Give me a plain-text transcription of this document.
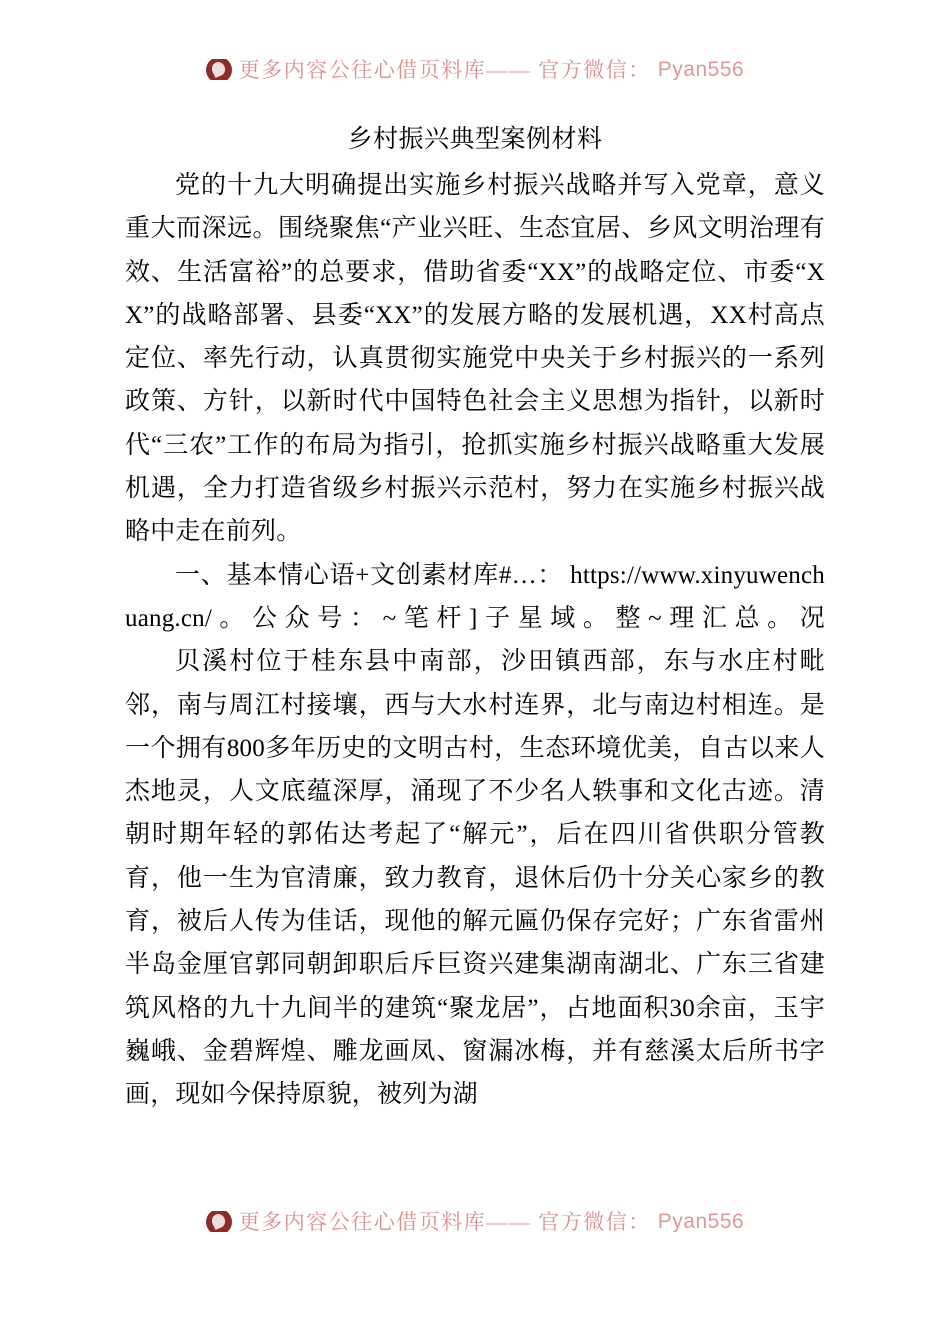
更多内容公往心借页料库—— 官方微信： Pyan556
乡村振兴典型案例材料

党的十九大明确提出实施乡村振兴战略并写入党章，意义重大而深远。围绕聚焦“产业兴旺、生态宜居、乡风文明治理有效、生活富裕”的总要求，借助省委“XX”的战略定位、市委“XX”的战略部署、县委“XX”的发展方略的发展机遇，XX村高点定位、率先行动，认真贯彻实施党中央关于乡村振兴的一系列政策、方针，以新时代中国特色社会主义思想为指针，以新时代“三农”工作的布局为指引，抢抓实施乡村振兴战略重大发展机遇，全力打造省级乡村振兴示范村，努力在实施乡村振兴战略中走在前列。

一、基本情心语+文创素材库#…： https://www.xinyuwenchuang.cn/。公众号：~笔杆]子星域。整~理汇总。况

贝溪村位于桂东县中南部，沙田镇西部，东与水庄村毗邻，南与周江村接壤，西与大水村连界，北与南边村相连。是一个拥有800多年历史的文明古村，生态环境优美，自古以来人杰地灵，人文底蕴深厚，涌现了不少名人轶事和文化古迹。清朝时期年轻的郭佑达考起了“解元”，后在四川省供职分管教育，他一生为官清廉，致力教育，退休后仍十分关心家乡的教育，被后人传为佳话，现他的解元匾仍保存完好；广东省雷州半岛金厘官郭同朝卸职后斥巨资兴建集湖南湖北、广东三省建筑风格的九十九间半的建筑“聚龙居”，占地面积30余亩，玉宇巍峨、金碧辉煌、雕龙画凤、窗漏冰梅，并有慈溪太后所书字画，现如今保持原貌，被列为湖

更多内容公往心借页料库—— 官方微信： Pyan556
